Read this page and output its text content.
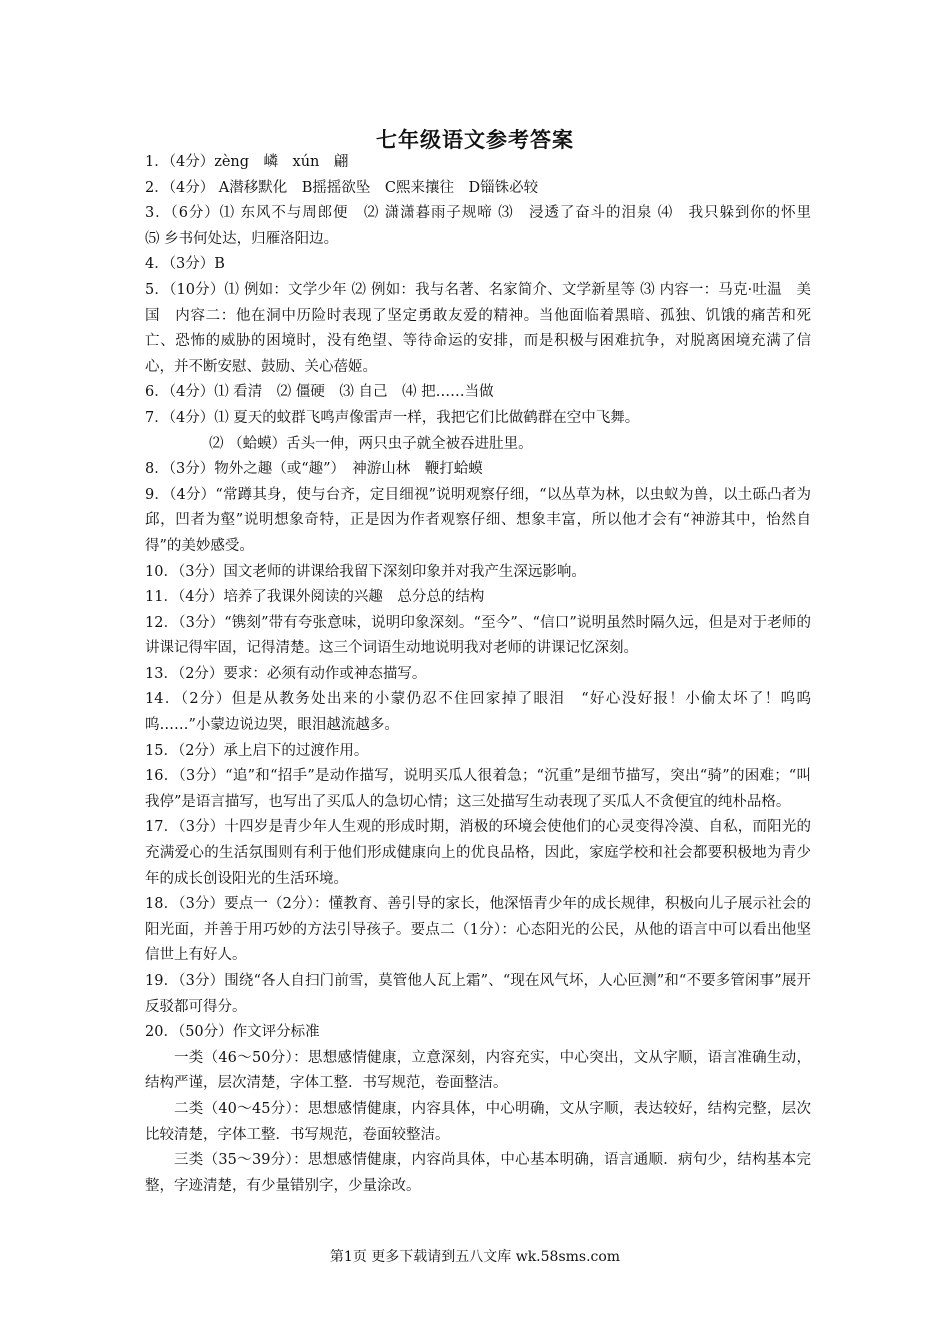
七年级语文参考答案

1．（4分）zèng　嶙　xún　翩

2．（4分） A潜移默化　B摇摇欲坠　C熙来攘往　D锱铢必较

3．（6分）⑴ 东风不与周郎便　⑵ 潇潇暮雨子规啼 ⑶　浸透了奋斗的泪泉 ⑷　我只躲到你的怀里　　⑸ 乡书何处达，归雁洛阳边。

4．（3分）B

5．（10分）⑴ 例如：文学少年 ⑵ 例如：我与名著、名家简介、文学新星等 ⑶ 内容一：马克·吐温　美国　内容二：他在洞中历险时表现了坚定勇敢友爱的精神。当他面临着黑暗、孤独、饥饿的痛苦和死亡、恐怖的威胁的困境时，没有绝望、等待命运的安排，而是积极与困难抗争，对脱离困境充满了信心，并不断安慰、鼓励、关心蓓姬。

6．（4分）⑴ 看清　⑵ 僵硬　⑶ 自己　⑷ 把……当做

7．（4分）⑴ 夏天的蚊群飞鸣声像雷声一样，我把它们比做鹤群在空中飞舞。

⑵ （蛤蟆）舌头一伸，两只虫子就全被吞进肚里。

8．（3分）物外之趣（或“趣”）　神游山林　鞭打蛤蟆

9．（4分）“常蹲其身，使与台齐，定目细视”说明观察仔细，“以丛草为林，以虫蚁为兽，以土砾凸者为邱，凹者为壑”说明想象奇特，正是因为作者观察仔细、想象丰富，所以他才会有“神游其中，怡然自得”的美妙感受。

10．（3分）国文老师的讲课给我留下深刻印象并对我产生深远影响。

11．（4分）培养了我课外阅读的兴趣　总分总的结构

12．（3分）“镌刻”带有夸张意味，说明印象深刻。“至今”、“信口”说明虽然时隔久远，但是对于老师的讲课记得牢固，记得清楚。这三个词语生动地说明我对老师的讲课记忆深刻。

13．（2分）要求：必须有动作或神态描写。

14．（2分）但是从教务处出来的小蒙仍忍不住回家掉了眼泪　“好心没好报！小偷太坏了！呜呜呜……”小蒙边说边哭，眼泪越流越多。

15．（2分）承上启下的过渡作用。

16．（3分）“追”和“招手”是动作描写，说明买瓜人很着急；“沉重”是细节描写，突出“骑”的困难；“叫我停”是语言描写，也写出了买瓜人的急切心情；这三处描写生动表现了买瓜人不贪便宜的纯朴品格。

17．（3分）十四岁是青少年人生观的形成时期，消极的环境会使他们的心灵变得冷漠、自私，而阳光的充满爱心的生活氛围则有利于他们形成健康向上的优良品格，因此，家庭学校和社会都要积极地为青少年的成长创设阳光的生活环境。

18．（3分）要点一（2分）：懂教育、善引导的家长，他深悟青少年的成长规律，积极向儿子展示社会的阳光面，并善于用巧妙的方法引导孩子。要点二（1分）：心态阳光的公民，从他的语言中可以看出他坚信世上有好人。

19．（3分）围绕“各人自扫门前雪，莫管他人瓦上霜”、“现在风气坏，人心叵测”和“不要多管闲事”展开反驳都可得分。

20．（50分）作文评分标准

一类（46～50分）：思想感情健康，立意深刻，内容充实，中心突出，文从字顺，语言准确生动，结构严谨，层次清楚，字体工整．书写规范，卷面整洁。

二类（40～45分）：思想感情健康，内容具体，中心明确，文从字顺，表达较好，结构完整，层次比较清楚，字体工整．书写规范，卷面较整洁。

三类（35～39分）：思想感情健康，内容尚具体，中心基本明确，语言通顺．病句少，结构基本完整，字迹清楚，有少量错别字，少量涂改。

第1页 更多下载请到五八文库 wk.58sms.com
